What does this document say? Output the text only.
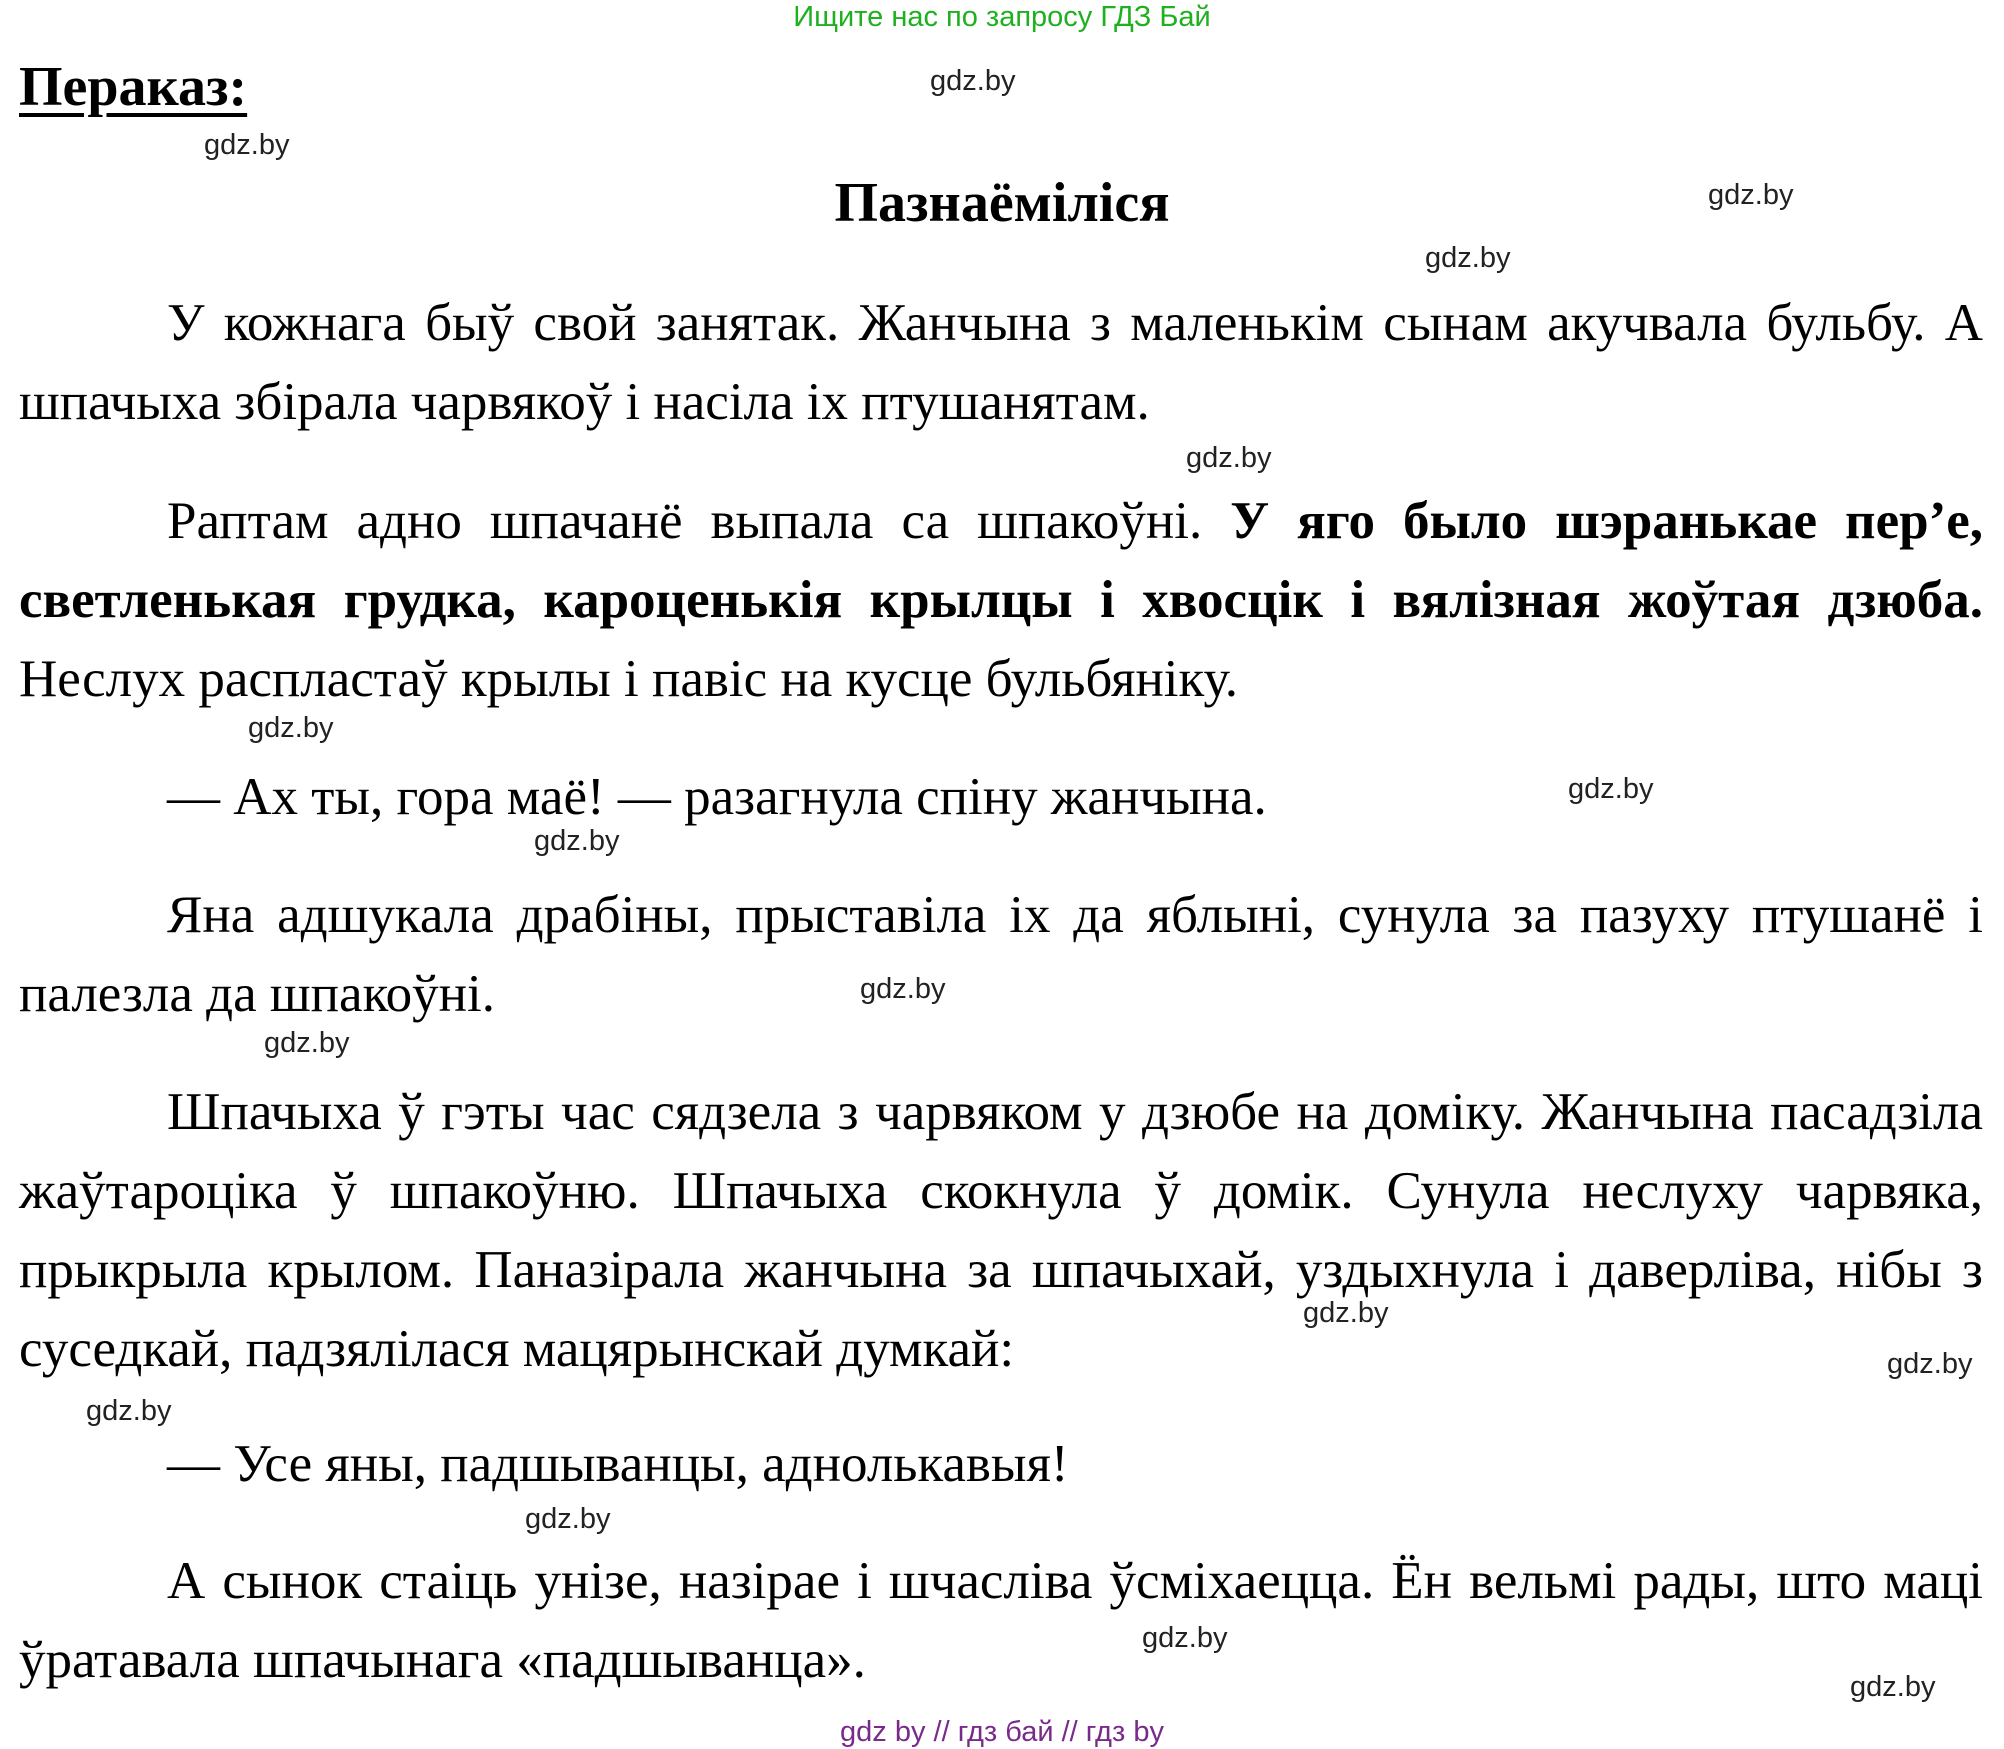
Ищите нас по запросу ГДЗ Бай
Пераказ:
Пазнаёміліся

У кожнага быў свой занятак. Жанчына з маленькім сынам акучвала бульбу. А шпачыха збірала чарвякоў і насіла іх птушанятам.

Раптам адно шпачанё выпала са шпакоўні. У яго было шэранькае пер’е, светленькая грудка, кароценькія крылцы і хвосцік і вялізная жоўтая дзюба. Неслух распластаў крылы і павіс на кусце бульбяніку.

— Ах ты, гора маё! — разагнула спіну жанчына.

Яна адшукала драбіны, прыставіла іх да яблыні, сунула за пазуху птушанё і палезла да шпакоўні.

Шпачыха ў гэты час сядзела з чарвяком у дзюбе на доміку. Жанчына пасадзіла жаўтароціка ў шпакоўню. Шпачыха скокнула ў домік. Сунула неслуху чарвяка, прыкрыла крылом. Паназірала жанчына за шпачыхай, уздыхнула і даверліва, нібы з суседкай, падзялілася мацярынскай думкай:

— Усе яны, падшыванцы, аднолькавыя!

А сынок стаіць унізе, назірае і шчасліва ўсміхаецца. Ён вельмі рады, што маці ўратавала шпачынага «падшыванца».

gdz.by
gdz.by
gdz.by
gdz.by
gdz.by
gdz.by
gdz.by
gdz.by
gdz.by
gdz.by
gdz.by
gdz.by
gdz.by
gdz.by
gdz.by
gdz.by
gdz by // гдз бай // гдз by
